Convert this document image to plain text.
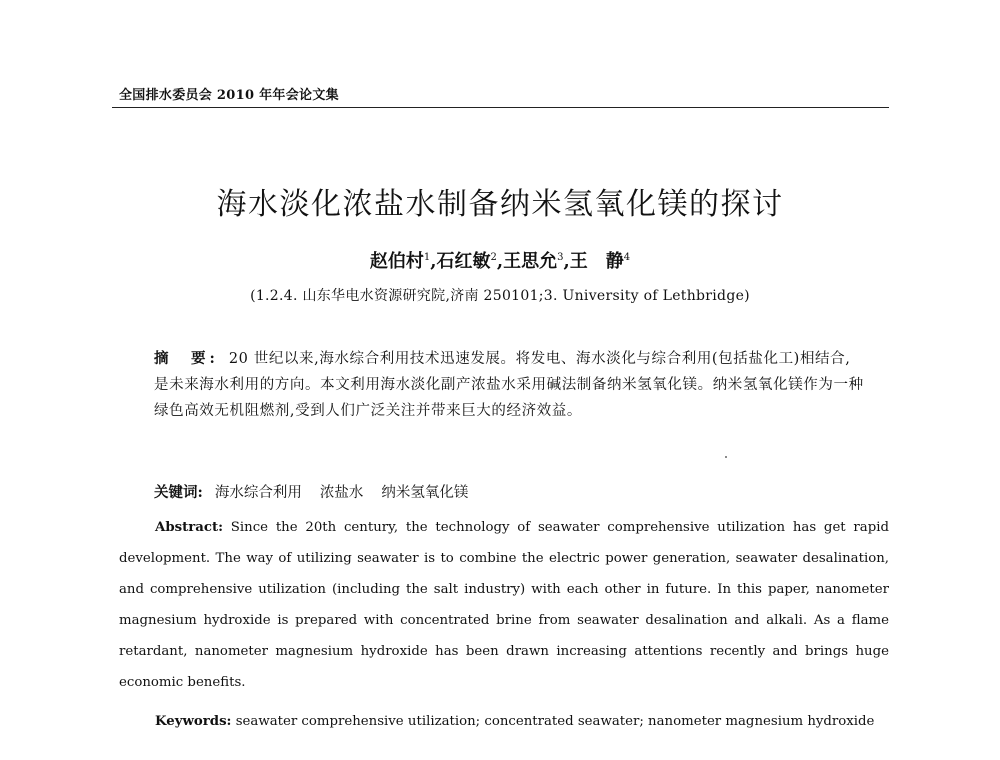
全国排水委员会 2010 年年会论文集
海水淡化浓盐水制备纳米氢氧化镁的探讨
赵伯村$^1$,石红敏$^2$,王思允$^3$,王　静$^4$
(1.2.4. 山东华电水资源研究院,济南 250101;3. University of Lethbridge)
摘　要: 20 世纪以来,海水综合利用技术迅速发展。将发电、海水淡化与综合利用(包括盐化工)相结合,是未来海水利用的方向。本文利用海水淡化副产浓盐水采用碱法制备纳米氢氧化镁。纳米氢氧化镁作为一种绿色高效无机阻燃剂,受到人们广泛关注并带来巨大的经济效益。
关键词: 海水综合利用 浓盐水 纳米氢氧化镁
Abstract: Since the 20th century, the technology of seawater comprehensive utilization has get rapid development. The way of utilizing seawater is to combine the electric power generation, seawater desalination, and comprehensive utilization (including the salt industry) with each other in future. In this paper, nanometer magnesium hydroxide is prepared with concentrated brine from seawater desalination and alkali. As a flame retardant, nanometer magnesium hydroxide has been drawn increasing attentions recently and brings huge economic benefits.
Keywords: seawater comprehensive utilization; concentrated seawater; nanometer magnesium hydroxide
